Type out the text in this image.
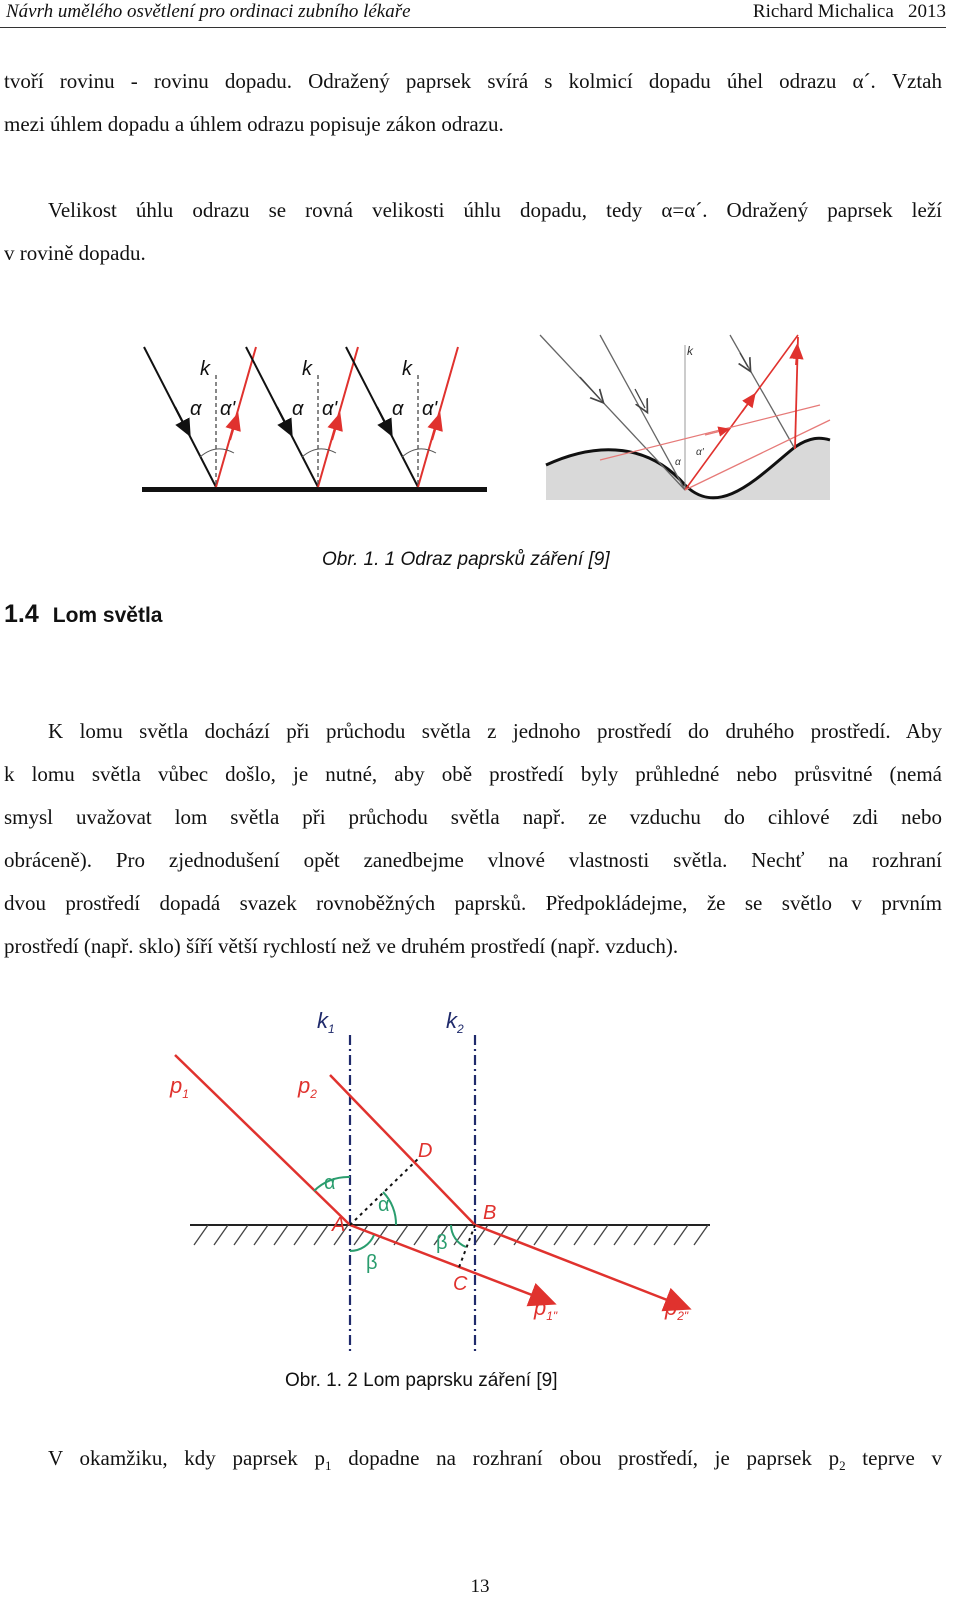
Návrh umělého osvětlení pro ordinaci zubního lékaře	Richard Michalica 2013
tvoří rovinu - rovinu dopadu. Odražený paprsek svírá s kolmicí dopadu úhel odrazu α´. Vztah
mezi úhlem dopadu a úhlem odrazu popisuje zákon odrazu.
Velikost úhlu odrazu se rovná velikosti úhlu dopadu, tedy α=α´. Odražený paprsek leží
v rovině dopadu.
k
α α'
k
α α'
k
α α'
k
α
α'
Obr. 1. 1 Odraz paprsků záření [9]
1.4 Lom světla
K lomu světla dochází při průchodu světla z jednoho prostředí do druhého prostředí. Aby
k lomu světla vůbec došlo, je nutné, aby obě prostředí byly průhledné nebo průsvitné (nemá
smysl uvažovat lom světla při průchodu světla např. ze vzduchu do cihlové zdi nebo
obráceně). Pro zjednodušení opět zanedbejme vlnové vlastnosti světla. Nechť na rozhraní
dvou prostředí dopadá svazek rovnoběžných paprsků. Předpokládejme, že se světlo v prvním
prostředí (např. sklo) šíří větší rychlostí než ve druhém prostředí (např. vzduch).
$k_1$	$k_2$
$p_1$	$p_2$
$p_{1"}$	$p_{2"}$
A
B
C
D
α
α
β
β
Obr. 1. 2 Lom paprsku záření [9]
V okamžiku, kdy paprsek $p_1$ dopadne na rozhraní obou prostředí, je paprsek $p_2$ teprve v
13
